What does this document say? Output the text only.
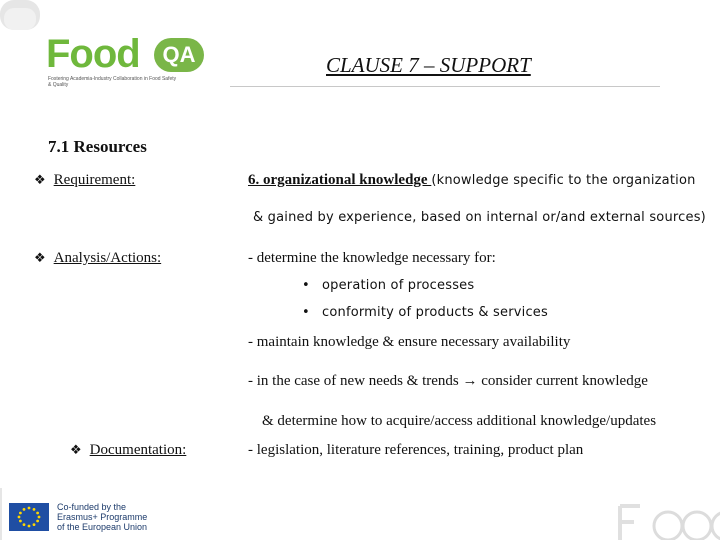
Food	QA
Fostering Academia-Industry Collaboration in Food Safety & Quality
CLAUSE 7 – SUPPORT
7.1 Resources
❖ Requirement:	6. organizational knowledge (knowledge specific to the organization
& gained by experience, based on internal or/and external sources)
❖ Analysis/Actions:	- determine the knowledge necessary for:
• operation of processes
• conformity of products & services
- maintain knowledge & ensure necessary availability
- in the case of new needs & trends → consider current knowledge
& determine how to acquire/access additional knowledge/updates
❖ Documentation:	- legislation, literature references, training, product plan
Co-funded by the
Erasmus+ Programme
of the European Union
